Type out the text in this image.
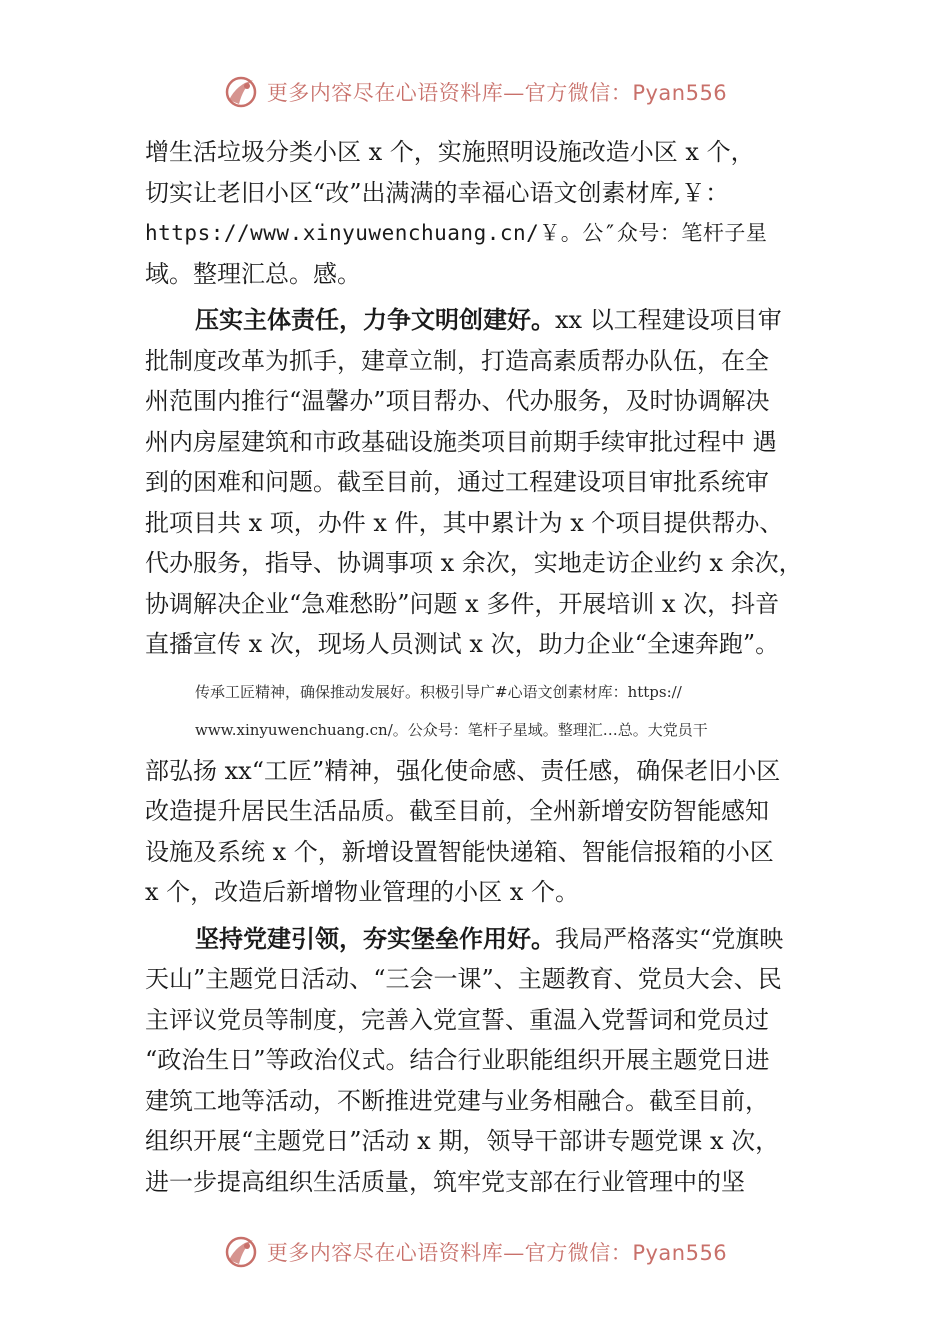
更多内容尽在心语资料库—官方微信：Pyan556
增生活垃圾分类小区 x 个，实施照明设施改造小区 x 个，
切实让老旧小区“改”出满满的幸福心语文创素材库,￥：
https://www.xinyuwenchuang.cn/￥。公″众号：笔杆子星
域。整理汇总。感。
压实主体责任，力争文明创建好。xx 以工程建设项目审
批制度改革为抓手，建章立制，打造高素质帮办队伍，在全
州范围内推行“温馨办”项目帮办、代办服务，及时协调解决
州内房屋建筑和市政基础设施类项目前期手续审批过程中 遇
到的困难和问题。截至目前，通过工程建设项目审批系统审
批项目共 x 项，办件 x 件，其中累计为 x 个项目提供帮办、
代办服务，指导、协调事项 x 余次，实地走访企业约 x 余次，
协调解决企业“急难愁盼”问题 x 多件，开展培训 x 次，抖音
直播宣传 x 次，现场人员测试 x 次，助力企业“全速奔跑”。
传承工匠精神，确保推动发展好。积极引导广#心语文创素材库：https://
www.xinyuwenchuang.cn/。公众号：笔杆子星域。整理汇…总。大党员干
部弘扬 xx“工匠”精神，强化使命感、责任感，确保老旧小区
改造提升居民生活品质。截至目前，全州新增安防智能感知
设施及系统 x 个，新增设置智能快递箱、智能信报箱的小区
x 个，改造后新增物业管理的小区 x 个。
坚持党建引领，夯实堡垒作用好。我局严格落实“党旗映
天山”主题党日活动、“三会一课”、主题教育、党员大会、民
主评议党员等制度，完善入党宣誓、重温入党誓词和党员过
“政治生日”等政治仪式。结合行业职能组织开展主题党日进
建筑工地等活动，不断推进党建与业务相融合。截至目前，
组织开展“主题党日”活动 x 期，领导干部讲专题党课 x 次，
进一步提高组织生活质量，筑牢党支部在行业管理中的坚
更多内容尽在心语资料库—官方微信：Pyan556
